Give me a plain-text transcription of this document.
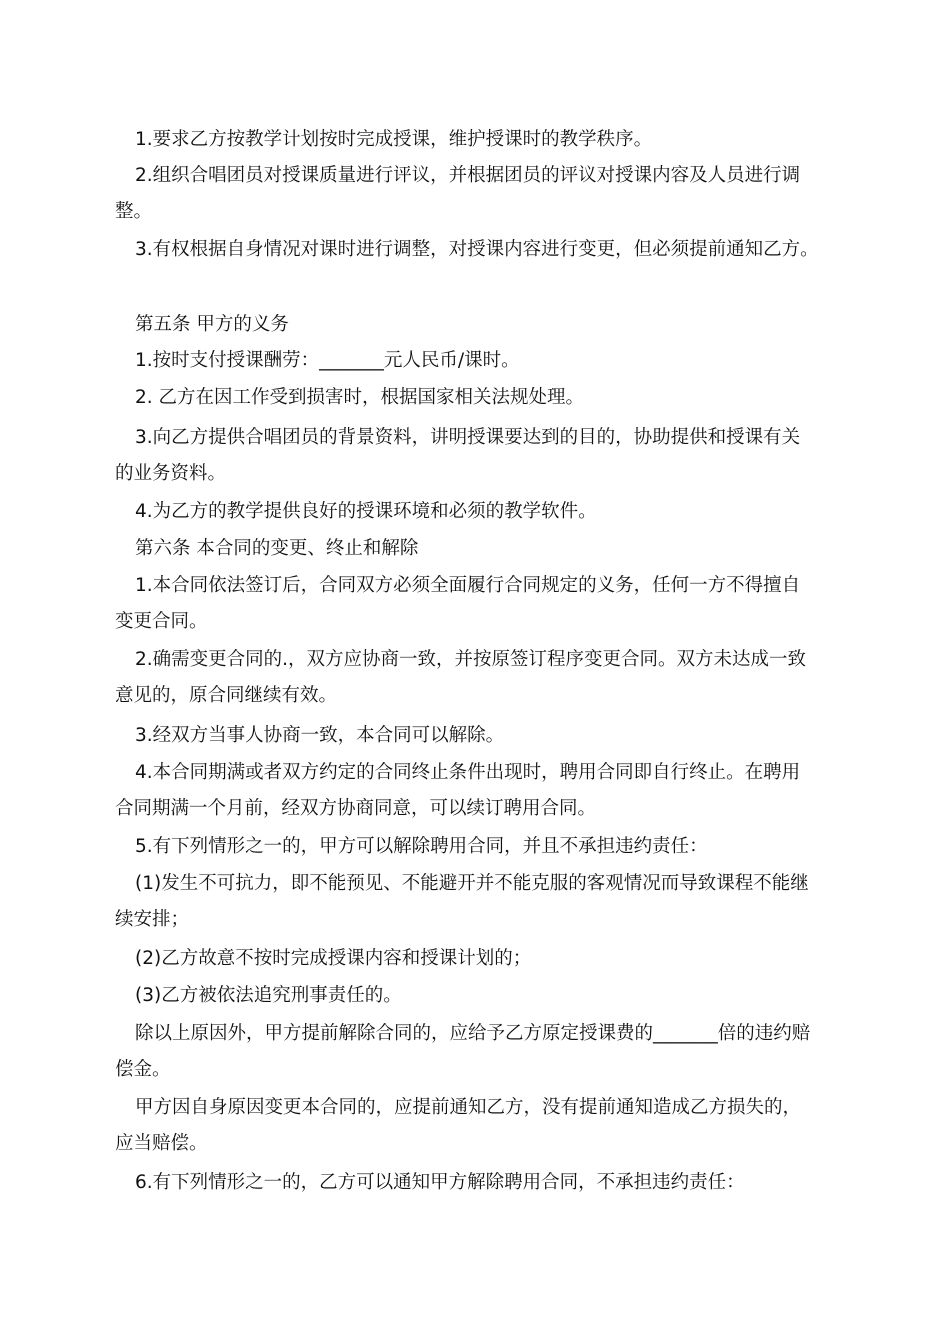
1.要求乙方按教学计划按时完成授课，维护授课时的教学秩序。
2.组织合唱团员对授课质量进行评议，并根据团员的评议对授课内容及人员进行调
整。
3.有权根据自身情况对课时进行调整，对授课内容进行变更，但必须提前通知乙方。
第五条 甲方的义务
1.按时支付授课酬劳：_______元人民币/课时。
2. 乙方在因工作受到损害时，根据国家相关法规处理。
3.向乙方提供合唱团员的背景资料，讲明授课要达到的目的，协助提供和授课有关
的业务资料。
4.为乙方的教学提供良好的授课环境和必须的教学软件。
第六条 本合同的变更、终止和解除
1.本合同依法签订后，合同双方必须全面履行合同规定的义务，任何一方不得擅自
变更合同。
2.确需变更合同的.，双方应协商一致，并按原签订程序变更合同。双方未达成一致
意见的，原合同继续有效。
3.经双方当事人协商一致，本合同可以解除。
4.本合同期满或者双方约定的合同终止条件出现时，聘用合同即自行终止。在聘用
合同期满一个月前，经双方协商同意，可以续订聘用合同。
5.有下列情形之一的，甲方可以解除聘用合同，并且不承担违约责任：
(1)发生不可抗力，即不能预见、不能避开并不能克服的客观情况而导致课程不能继
续安排；
(2)乙方故意不按时完成授课内容和授课计划的；
(3)乙方被依法追究刑事责任的。
除以上原因外，甲方提前解除合同的，应给予乙方原定授课费的_______倍的违约赔
偿金。
甲方因自身原因变更本合同的，应提前通知乙方，没有提前通知造成乙方损失的，
应当赔偿。
6.有下列情形之一的，乙方可以通知甲方解除聘用合同，不承担违约责任：
